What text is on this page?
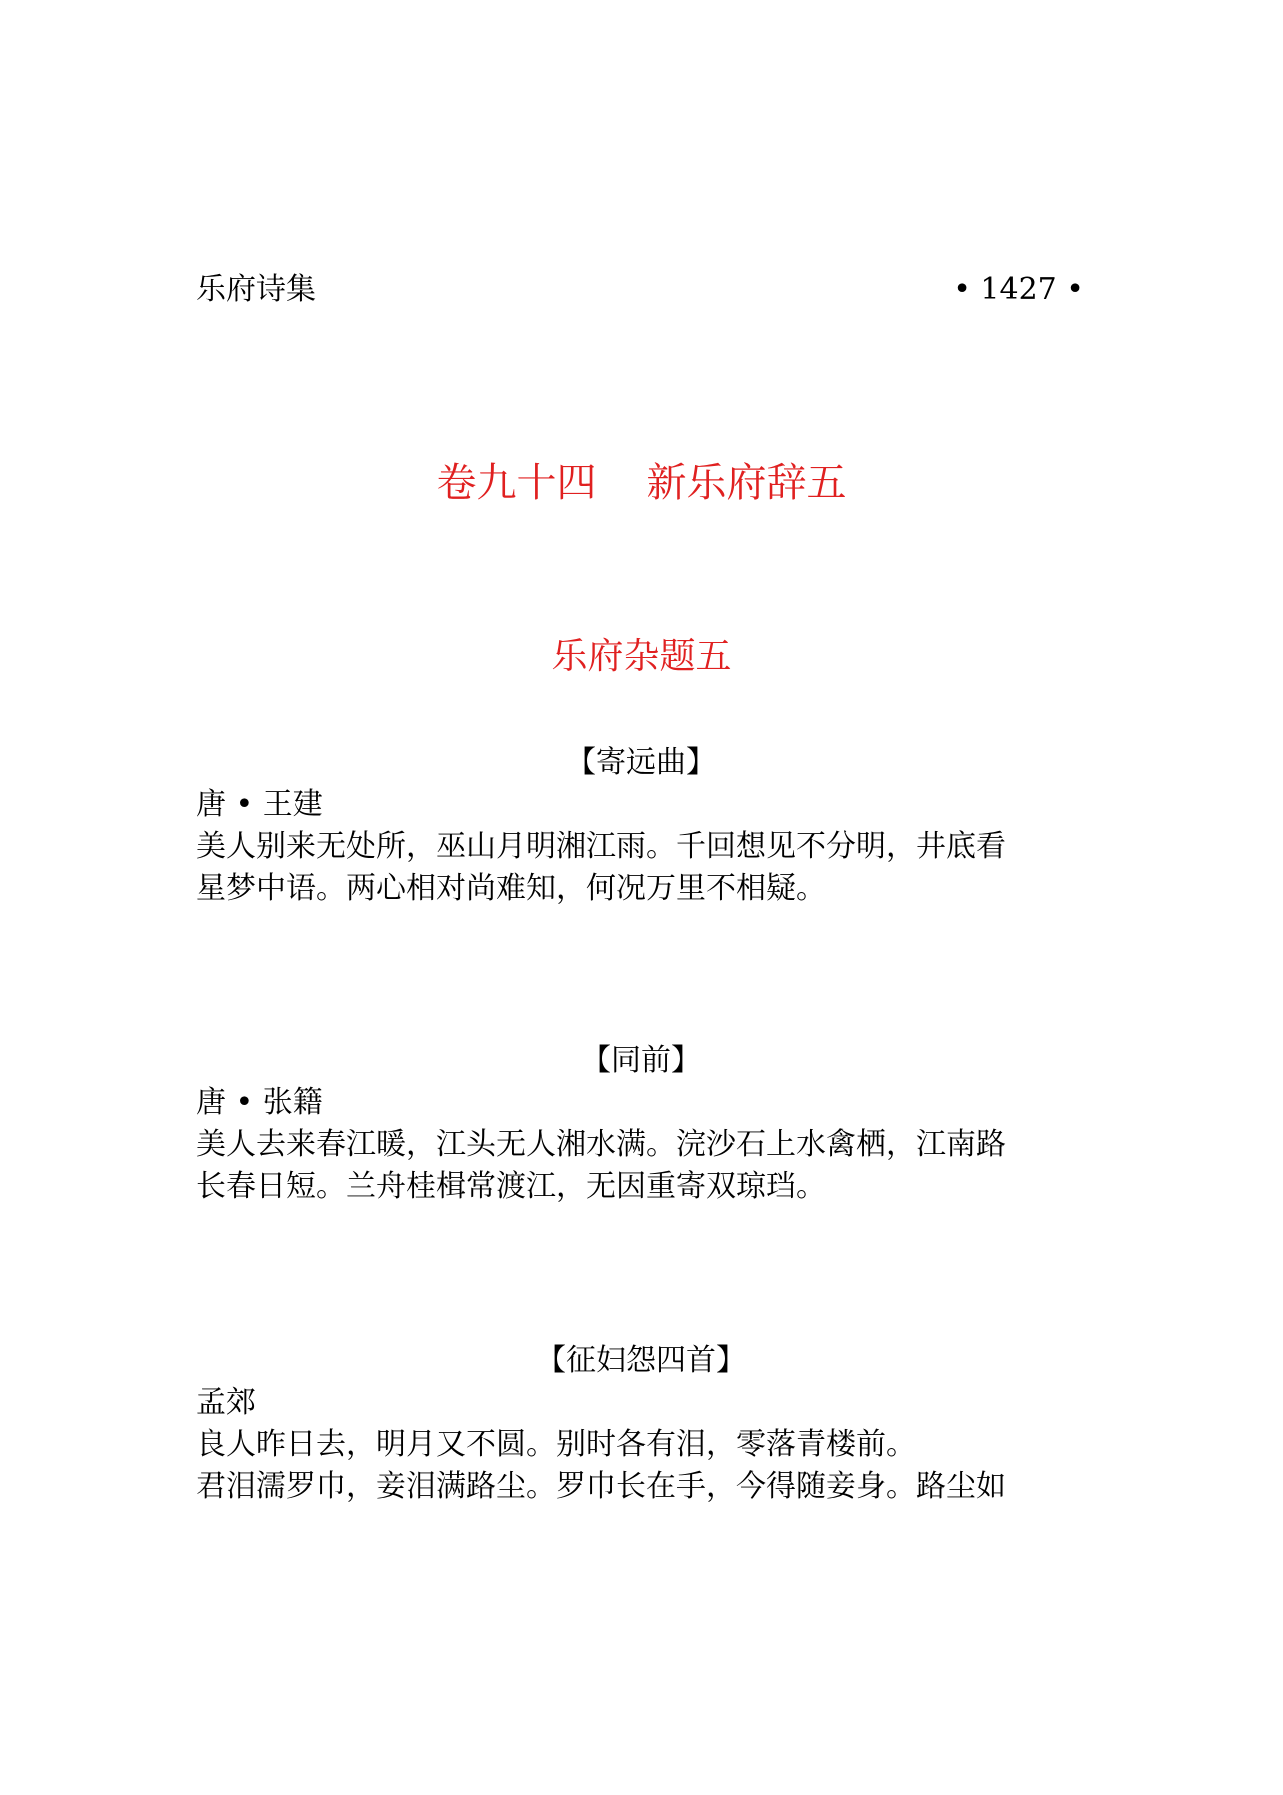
乐府诗集	• 1427 •
卷九十四 新乐府辞五
乐府杂题五

【寄远曲】

唐 • 王建

美人别来无处所，巫山月明湘江雨。千回想见不分明，井底看

星梦中语。两心相对尚难知，何况万里不相疑。

【同前】

唐 • 张籍

美人去来春江暖，江头无人湘水满。浣沙石上水禽栖，江南路

长春日短。兰舟桂楫常渡江，无因重寄双琼珰。

【征妇怨四首】

孟郊

良人昨日去，明月又不圆。别时各有泪，零落青楼前。

君泪濡罗巾，妾泪满路尘。罗巾长在手，今得随妾身。路尘如
